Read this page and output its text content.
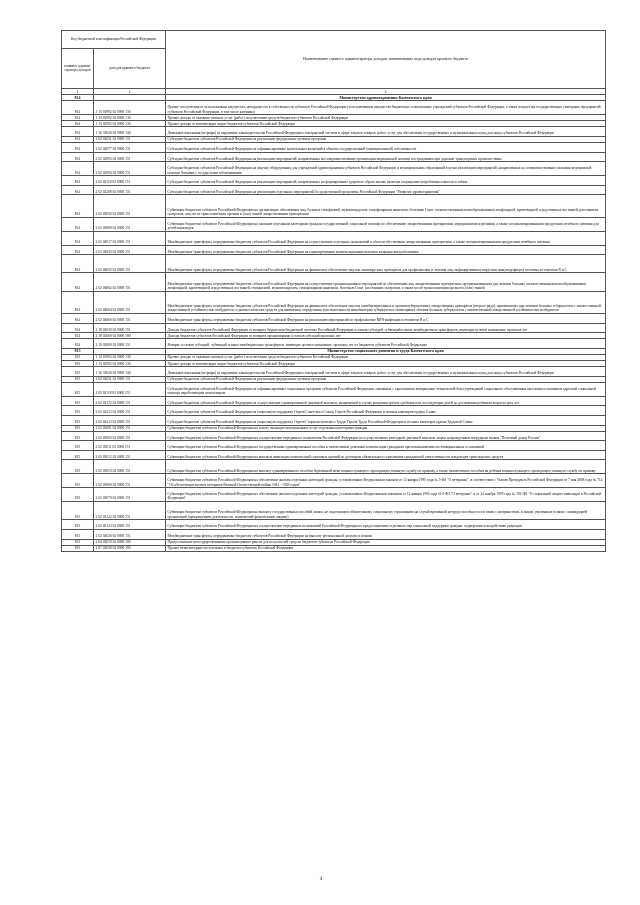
Код бюджетной классификации Российской Федерации		Наименование главного администратора доходов, наименование кода доходов краевого бюджета
главного админи-стратора доходов	доходов краевого бюджета	
1	2	3
814		Министерство здравоохранения Камчатского края
814	1 13 01992 02 0000 130	Прочие поступления от использования имущества, находящегося в собственности субъектов Российской Федерации (за исключением имущества бюджетных и автономных учреждений субъектов Российской Федерации, а также имущества государственных унитарных предприятий субъектов Российской Федерации, в том числе казенных)
814	1 13 01992 02 0000 130	Прочие доходы от оказания платных услуг (работ) получателями средств бюджетов субъектов Российской Федерации
814	1 13 02992 02 0000 130	Прочие доходы от компенсации затрат бюджетов субъектов Российской Федерации
814	1 16 33020 02 0000 140	Денежные взыскания (штрафы) за нарушение законодательства Российской Федерации о контрактной системе в сфере закупок товаров, работ, услуг для обеспечения государственных и муниципальных нужд для нужд субъектов Российской Федерации
814	2 02 02051 02 0000 151	Субсидии бюджетам субъектов Российской Федерации на реализацию федеральных целевых программ
814	2 02 02077 02 0000 151	Субсидии бюджетам субъектов Российской Федерации на софинансирование капитальных вложений в объекты государственной (муниципальной) собственности
814	2 02 02093 02 0000 151	Субсидии бюджетам субъектов Российской Федерации на реализацию мероприятий, направленных на совершенствование организации медицинской помощи пострадавшим при дорожно-транспортных происшествиях
814	2 02 02094 02 0000 151	Субсидии бюджетам субъектов Российской Федерации на закупку оборудования для учреждений здравоохранения субъектов Российской Федерации и муниципальных образований в целях реализации мероприятий, направленных на совершенствование оказания медицинской помощи больным с сосудистыми заболеваниями
814	2 02 02110 02 0000 151	Субсидии бюджетам субъектов Российской Федерации на реализацию мероприятий, направленных на формирование здорового образа жизни, включая сокращение потребления алкоголя и табака
814	2 02 02208 02 0000 151	Субсидии бюджетам субъектов Российской Федерации на реализацию отдельных мероприятий Государственной программы Российской Федерации "Развитие здравоохранения"
814	2 02 03056 02 0000 151	Субвенции бюджетам субъектов Российской Федерации на организацию обеспечения лиц, больных гемофилией, муковисцидозом, гипофизарным нанизмом, болезнью Гоше, злокачественными новообразованиями лимфоидной, кроветворной и родственных им тканей, рассеянным склерозом, лиц после трансплантации органов и (или) тканей лекарственными препаратами
814	2 02 03068 02 0000 151	Субвенции бюджетам субъектов Российской Федерации на оказание отдельным категориям граждан государственной социальной помощи по обеспечению лекарственными препаратами, медицинскими изделиями, а также специализированными продуктами лечебного питания для детей-инвалидов
814	2 02 04017 02 0000 151	Межбюджетные трансферты, передаваемые бюджетам субъектов Российской Федерации на осуществление отдельных полномочий в области обеспечения лекарственными препаратами, а также специализированными продуктами лечебного питания
814	2 02 04043 02 0000 151	Межбюджетные трансферты, передаваемые бюджетам субъектов Российской Федерации на единовременные компенсационные выплаты медицинским работникам
814	2 02 04055 02 0000 151	Межбюджетные трансферты, передаваемые бюджетам субъектов Российской Федерации на финансовое обеспечение закупок антивирусных препаратов для профилактики и лечения лиц, инфицированных вирусами иммунодефицита человека и гепатитов B и C
814	2 02 04062 02 0000 151	Межбюджетные трансферты, передаваемые бюджетам субъектов Российской Федерации на осуществление организационных мероприятий по обеспечению лиц лекарственными препаратами, предназначенными для лечения больных злокачественными новообразованиями лимфоидной, кроветворной и родственных им тканей, гемофилией, муковисцидозом, гипофизарным нанизмом, болезнью Гоше, рассеянным склерозом, а также после трансплантации органов и (или) тканей
814	2 02 04064 02 0000 151	Межбюджетные трансферты, передаваемые бюджетам субъектов Российской Федерации на финансовое обеспечение закупок антибактериальных и противотуберкулезных лекарственных препаратов (второго ряда), применяемых при лечении больных туберкулезом с множественной лекарственной устойчивостью возбудителя, и диагностических средств для выявления, определения чувствительности микобактерии туберкулеза и мониторинга лечения больных туберкулезом с множественной лекарственной устойчивостью возбудителя
814	2 02 04066 02 0000 151	Межбюджетные трансферты, передаваемые бюджетам субъектов Российской Федерации на реализацию мероприятий по профилактике ВИЧ-инфекции и гепатитов B и C
814	2 18 02030 02 0000 151	Доходы бюджетов субъектов Российской Федерации от возврата бюджетами бюджетной системы Российской Федерации остатков субсидий, субвенций и иных межбюджетных трансфертов, имеющих целевое назначение, прошлых лет
814	2 18 02060 02 0000 180	Доходы бюджетов субъектов Российской Федерации от возврата организациями остатков субсидий прошлых лет
814	2 19 02000 02 0000 151	Возврат остатков субсидий, субвенций и иных межбюджетных трансфертов, имеющих целевое назначение, прошлых лет из бюджетов субъектов Российской Федерации
815		Министерство социального развития и труда Камчатского края
815	1 13 01992 02 0000 130	Прочие доходы от оказания платных услуг (работ) получателями средств бюджетов субъектов Российской Федерации
815	1 13 02992 02 0000 130	Прочие доходы от компенсации затрат бюджетов субъектов Российской Федерации
815	1 16 33020 02 0000 140	Денежные взыскания (штрафы) за нарушение законодательства Российской Федерации о контрактной системе в сфере закупок товаров, работ, услуг для обеспечения государственных и муниципальных нужд для нужд субъектов Российской Федерации
815	2 02 02051 02 0000 151	Субсидии бюджетам субъектов Российской Федерации на реализацию федеральных целевых программ
815	2 02 02118 02 0000 151	Субсидии бюджетам субъектов Российской Федерации на софинансирование социальных программ субъектов Российской Федерации, связанных с укреплением материально-технической базы учреждений социального обслуживания населения и оказанием адресной социальной помощи неработающим пенсионерам
815	2 02 02172 02 0000 151	Субсидии бюджетам субъектов Российской Федерации на осуществление единовременной денежной выплаты, назначаемой в случае рождения третьего ребенка или последующих детей до достижения ребенком возраста трех лет
815	2 02 02212 02 0000 151	Субсидии бюджетам субъектов Российской Федерации на социальную поддержку Героев Советского Союза, Героев Российской Федерации и полных кавалеров ордена Славы
815	2 02 02213 02 0000 151	Субсидии бюджетам субъектов Российской Федерации на социальную поддержку Героев Социалистического Труда, Героев Труда Российской Федерации и полных кавалеров ордена Трудовой Славы
815	2 02 03001 02 0000 151	Субвенции бюджетам субъектов Российской Федерации на оплату жилищно-коммунальных услуг отдельным категориям граждан
815	2 02 03004 02 0000 151	Субвенции бюджетам субъектов Российской Федерации на осуществление переданного полномочия Российской Федерации по осуществлению ежегодной денежной выплаты лицам, награжденным нагрудным знаком "Почетный донор России"
815	2 02 03011 02 0000 151	Субвенции бюджетам субъектов Российской Федерации на государственные единовременные пособия и ежемесячные денежные компенсации гражданам при возникновении поствакцинальных осложнений
815	2 02 03012 02 0000 151	Субвенции бюджетам субъектов Российской Федерации на выплаты инвалидам компенсаций страховых премий по договорам обязательного страхования гражданской ответственности владельцев транспортных средств
815	2 02 03053 02 0000 151	Субвенции бюджетам субъектов Российской Федерации на выплату единовременного пособия беременной жене военнослужащего, проходящего военную службу по призыву, а также ежемесячного пособия на ребенка военнослужащего, проходящего военную службу по призыву
815	2 02 03069 02 0000 151	Субвенции бюджетам субъектов Российской Федерации на обеспечение жильем отдельных категорий граждан, установленных Федеральным законом от 12 января 1995 года № 5-ФЗ "О ветеранах", в соответствии с Указом Президента Российской Федерации от 7 мая 2008 года № 714 "Об обеспечении жильем ветеранов Великой Отечественной войны 1941 - 1945 годов"
815	2 02 03070 02 0000 151	Субвенции бюджетам субъектов Российской Федерации на обеспечение жильем отдельных категорий граждан, установленных Федеральными законами от 12 января 1995 года № 5-ФЗ "О ветеранах" и от 24 ноября 1995 года № 181-ФЗ "О социальной защите инвалидов в Российской Федерации"
815	2 02 03122 02 0000 151	Субвенции бюджетам субъектов Российской Федерации на выплату государственных пособий лицам, не подлежащим обязательному социальному страхованию на случай временной нетрудоспособности и в связи с материнством, и лицам, уволенным в связи с ликвидацией организаций (прекращением деятельности, полномочий физическими лицами)
815	2 02 03123 02 0000 151	Субвенции бюджетам субъектов Российской Федерации на осуществление переданных полномочий Российской Федерации по предоставлению отдельных мер социальной поддержки граждан, подвергшихся воздействию радиации
815	2 02 04026 02 0000 151	Межбюджетные трансферты, передаваемые бюджетам субъектов Российской Федерации на выплату региональной доплаты к пенсии
815	2 04 02010 02 0000 180	Предоставление негосударственными организациями грантов для получателей средств бюджетов субъектов Российской Федерации
815	2 07 02030 02 0000 180	Прочие безвозмездные поступления в бюджеты субъектов Российской Федерации
4
